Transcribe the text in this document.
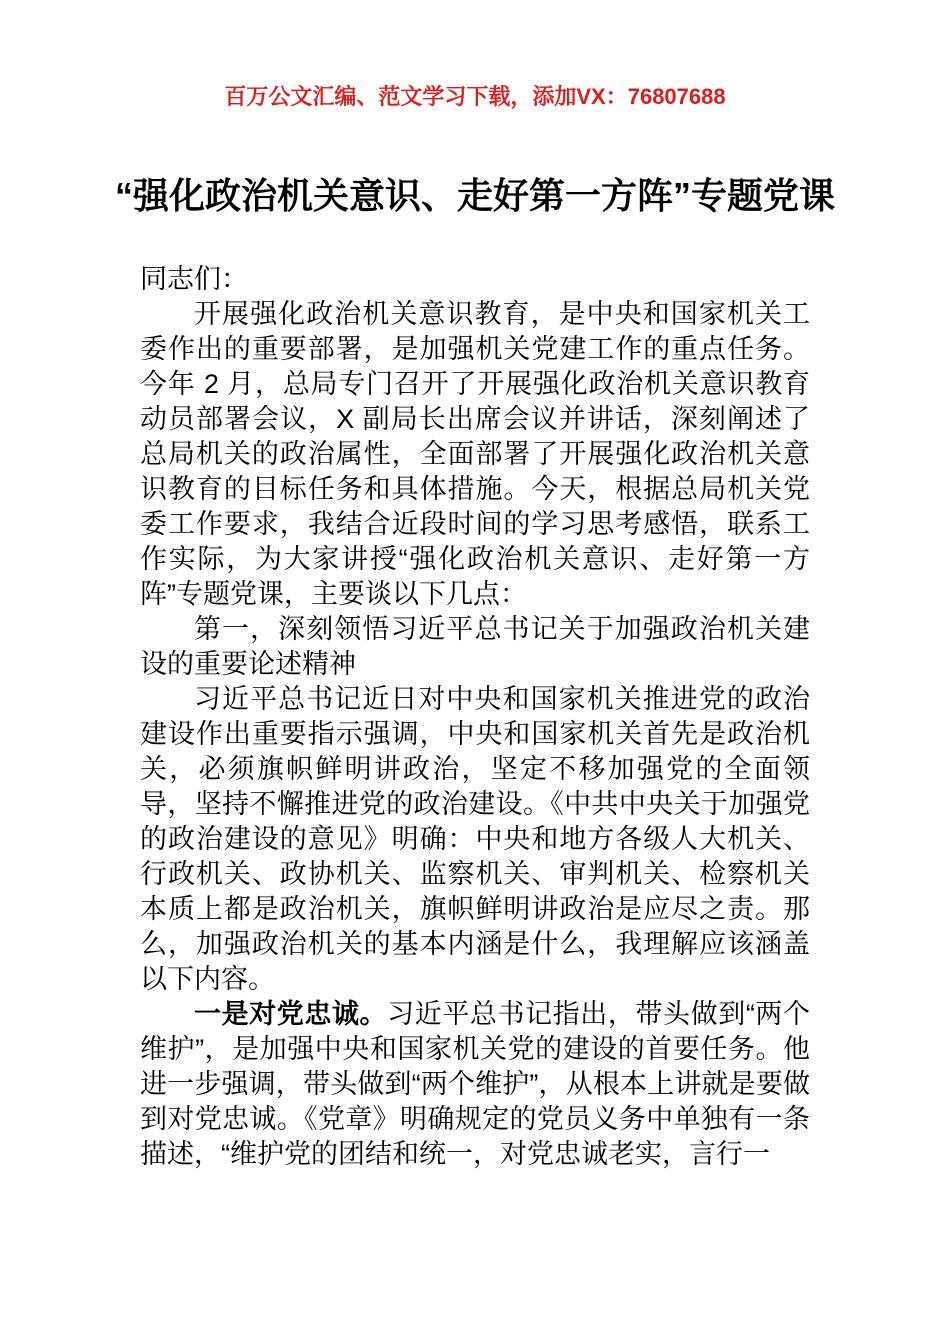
百万公文汇编、范文学习下载，添加VX：76807688
“强化政治机关意识、走好第一方阵”专题党课

同志们：

开展强化政治机关意识教育，是中央和国家机关工委作出的重要部署，是加强机关党建工作的重点任务。今年 2 月，总局专门召开了开展强化政治机关意识教育动员部署会议，X 副局长出席会议并讲话，深刻阐述了总局机关的政治属性，全面部署了开展强化政治机关意识教育的目标任务和具体措施。今天，根据总局机关党委工作要求，我结合近段时间的学习思考感悟，联系工作实际，为大家讲授“强化政治机关意识、走好第一方阵”专题党课，主要谈以下几点：

第一，深刻领悟习近平总书记关于加强政治机关建设的重要论述精神

习近平总书记近日对中央和国家机关推进党的政治建设作出重要指示强调，中央和国家机关首先是政治机关，必须旗帜鲜明讲政治，坚定不移加强党的全面领导，坚持不懈推进党的政治建设。《中共中央关于加强党的政治建设的意见》明确：中央和地方各级人大机关、行政机关、政协机关、监察机关、审判机关、检察机关本质上都是政治机关，旗帜鲜明讲政治是应尽之责。那么，加强政治机关的基本内涵是什么，我理解应该涵盖以下内容。

一是对党忠诚。习近平总书记指出，带头做到“两个维护”，是加强中央和国家机关党的建设的首要任务。他进一步强调，带头做到“两个维护”，从根本上讲就是要做到对党忠诚。《党章》明确规定的党员义务中单独有一条描述，“维护党的团结和统一，对党忠诚老实，言行一
